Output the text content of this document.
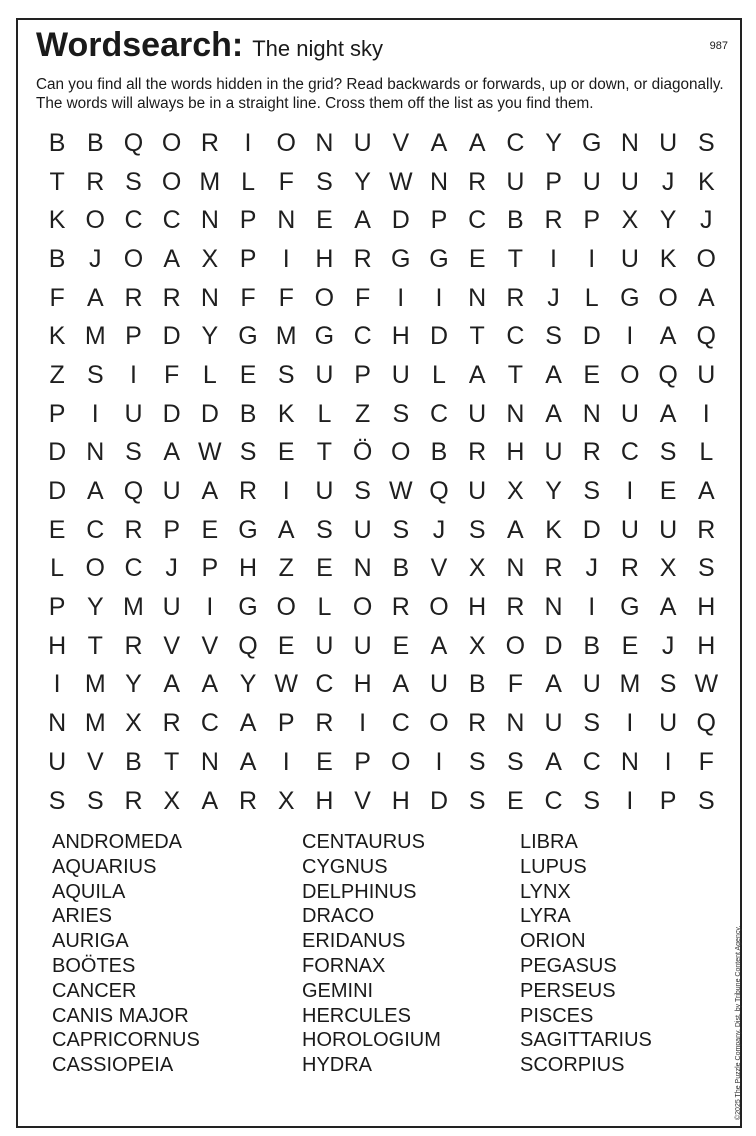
Wordsearch: The night sky	987
Can you find all the words hidden in the grid? Read backwards or forwards, up or down, or diagonally. The words will always be in a straight line. Cross them off the list as you find them.
B B Q O R	I O N U V A A C Y G N U S
T R S O M L F S Y W N R U P U U J K
K O C C N P N E A D P C B R P X Y J
B J O A X P	I	H R G G E T	I	I	U K O
F A R R N F F O F	I	I	N R J L G O A
K M P D Y G M G C H D T C S D	I	A Q
Z S	I	F L E S U P U L A T A E O Q U
P	I	U D D B K L Z S C U N A N U A	I
D N S A W S E T Ö O B R H U R C S L
D A Q U A R	I	U S W Q U X Y S	I	E A
E C R P E G A S U S J S A K D U U R
L O C J P H Z E N B V X N R J R X S
P Y M U	I G O L O R O H R N	I G A H
H T R V V Q E U U E A X O D B E J H
I M Y A A Y W C H A U B F A U M S W
N M X R C A P R	I	C O R N U S	I	U Q
U V B T N A	I	E P O I	S S A C N	I	F
S S R X A R X H V H D S E C S	I	P S
ANDROMEDA
AQUARIUS
AQUILA
ARIES
AURIGA
BOÖTES
CANCER
CANIS MAJOR
CAPRICORNUS
CASSIOPEIA
CENTAURUS
CYGNUS
DELPHINUS
DRACO
ERIDANUS
FORNAX
GEMINI
HERCULES
HOROLOGIUM
HYDRA
LIBRA
LUPUS
LYNX
LYRA
ORION
PEGASUS
PERSEUS
PISCES
SAGITTARIUS
SCORPIUS	©2025 The Puzzle Company. Dist. by Tribune Content Agency.
